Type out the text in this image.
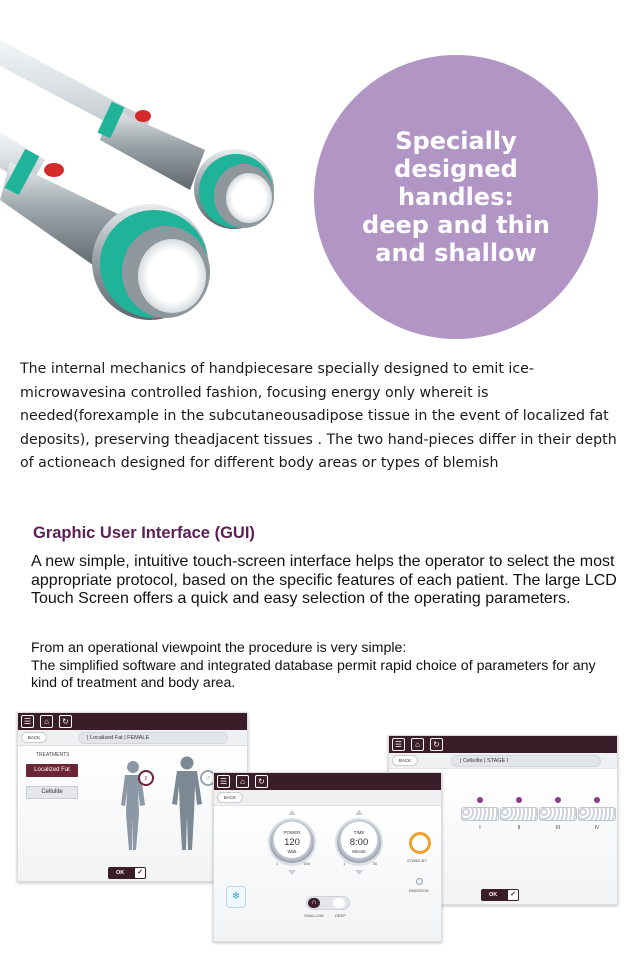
Specially designed
handles:
deep and thin
and shallow

The internal mechanics of handpiecesare specially designed to emit ice-microwavesina controlled fashion, focusing energy only whereit is needed(forexample in the subcutaneousadipose tissue in the event of localized fat deposits), preserving theadjacent tissues . The two hand-pieces differ in their depth of actioneach designed for different body areas or types of blemish

Graphic User Interface (GUI)

A new simple, intuitive touch-screen interface helps the operator to select the most appropriate protocol, based on the specific features of each patient. The large LCD Touch Screen offers a quick and easy selection of the operating parameters.

From an operational viewpoint the procedure is very simple:
The simplified software and integrated database permit rapid choice of parameters for any kind of treatment and body area.
☰	⌂	↻
BACK	| Localized Fat | FEMALE
TREATMENTS
Localized Fat
Cellulite
♀	♂
OK ✓
☰	⌂	↻
BACK	| Cellulite | STAGE I
I	II	III	IV
OK ✓
☰	⌂	↻
BACK
POWER
120
Watt
1	160
TIME
8:00
Minute
1	30
STAND-BY
EMISSION
❄
∩
SHALLOW	DEEP
